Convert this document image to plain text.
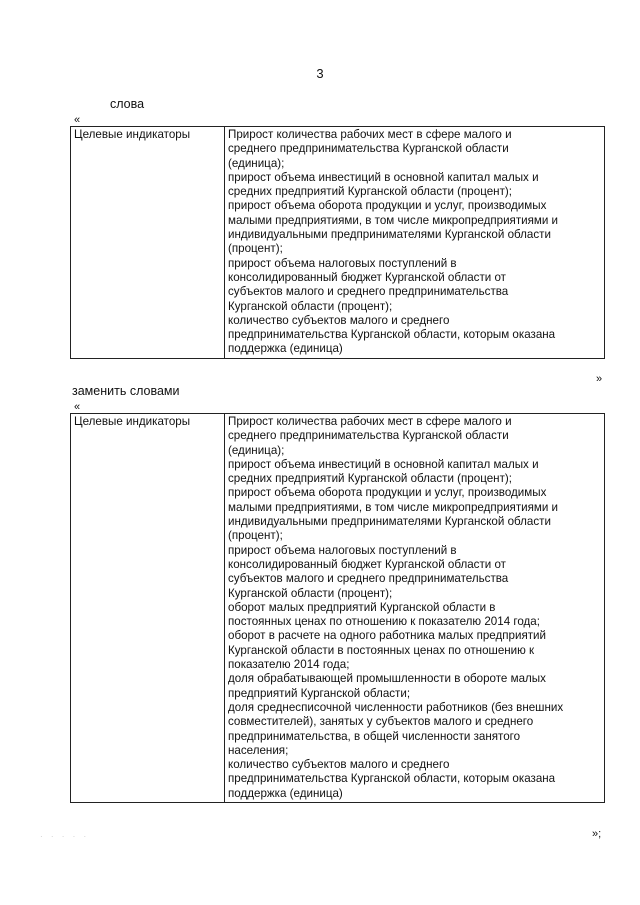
3
слова
«
Целевые индикаторы	Прирост количества рабочих мест в сфере малого и
среднего предпринимательства Курганской области
(единица);
прирост объема инвестиций в основной капитал малых и
средних предприятий Курганской области (процент);
прирост объема оборота продукции и услуг, производимых
малыми предприятиями, в том числе микропредприятиями и
индивидуальными предпринимателями Курганской области
(процент);
прирост объема налоговых поступлений в
консолидированный бюджет Курганской области от
субъектов малого и среднего предпринимательства
Курганской области (процент);
количество субъектов малого и среднего
предпринимательства Курганской области, которым оказана
поддержка (единица)
»
заменить словами
«
Целевые индикаторы	Прирост количества рабочих мест в сфере малого и
среднего предпринимательства Курганской области
(единица);
прирост объема инвестиций в основной капитал малых и
средних предприятий Курганской области (процент);
прирост объема оборота продукции и услуг, производимых
малыми предприятиями, в том числе микропредприятиями и
индивидуальными предпринимателями Курганской области
(процент);
прирост объема налоговых поступлений в
консолидированный бюджет Курганской области от
субъектов малого и среднего предпринимательства
Курганской области (процент);
оборот малых предприятий Курганской области в
постоянных ценах по отношению к показателю 2014 года;
оборот в расчете на одного работника малых предприятий
Курганской области в постоянных ценах по отношению к
показателю 2014 года;
доля обрабатывающей промышленности в обороте малых
предприятий Курганской области;
доля среднесписочной численности работников (без внешних
совместителей), занятых у субъектов малого и среднего
предпринимательства, в общей численности занятого
населения;
количество субъектов малого и среднего
предпринимательства Курганской области, которым оказана
поддержка (единица)
»;
· · · · ·
